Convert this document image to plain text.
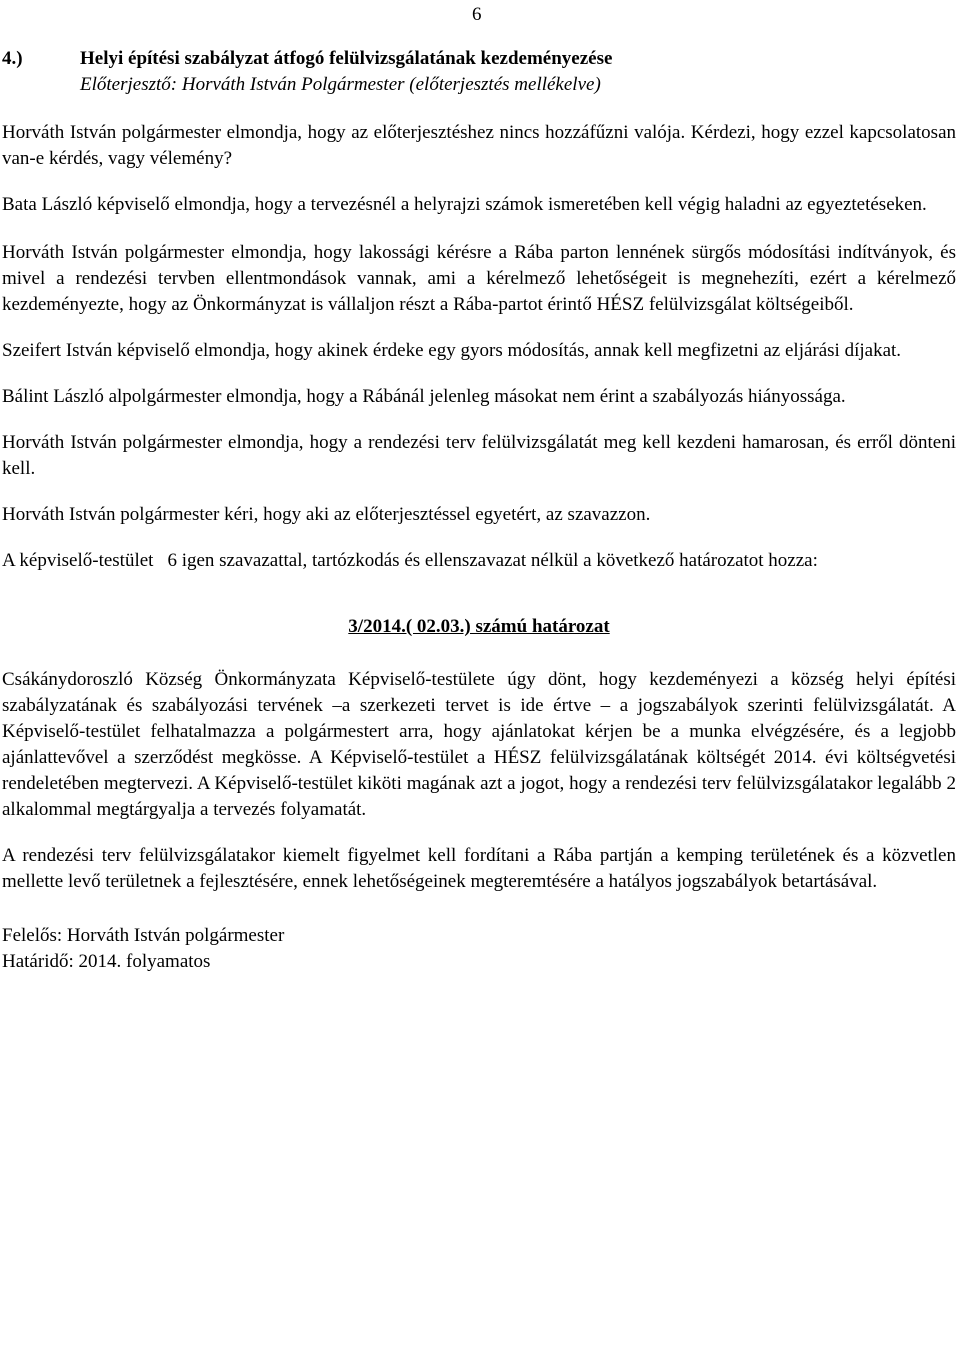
6
4.)	Helyi építési szabályzat átfogó felülvizsgálatának kezdeményezése
Előterjesztő: Horváth István Polgármester (előterjesztés mellékelve)

Horváth István polgármester elmondja, hogy az előterjesztéshez nincs hozzáfűzni valója. Kérdezi, hogy ezzel kapcsolatosan van-e kérdés, vagy vélemény?

Bata László képviselő elmondja, hogy a tervezésnél a helyrajzi számok ismeretében kell végig haladni az egyeztetéseken.

Horváth István polgármester elmondja, hogy lakossági kérésre a Rába parton lennének sürgős módosítási indítványok, és mivel a rendezési tervben ellentmondások vannak, ami a kérelmező lehetőségeit is megnehezíti, ezért a kérelmező kezdeményezte, hogy az Önkormányzat is vállaljon részt a Rába-partot érintő HÉSZ felülvizsgálat költségeiből.

Szeifert István képviselő elmondja, hogy akinek érdeke egy gyors módosítás, annak kell megfizetni az eljárási díjakat.

Bálint László alpolgármester elmondja, hogy a Rábánál jelenleg másokat nem érint a szabályozás hiányossága.

Horváth István polgármester elmondja, hogy a rendezési terv felülvizsgálatát meg kell kezdeni hamarosan, és erről dönteni kell.

Horváth István polgármester kéri, hogy aki az előterjesztéssel egyetért, az szavazzon.

A képviselő-testület 6 igen szavazattal, tartózkodás és ellenszavazat nélkül a következő határozatot hozza:

3/2014.( 02.03.) számú határozat

Csákánydoroszló Község Önkormányzata Képviselő-testülete úgy dönt, hogy kezdeményezi a község helyi építési szabályzatának és szabályozási tervének –a szerkezeti tervet is ide értve – a jogszabályok szerinti felülvizsgálatát. A Képviselő-testület felhatalmazza a polgármestert arra, hogy ajánlatokat kérjen be a munka elvégzésére, és a legjobb ajánlattevővel a szerződést megkösse. A Képviselő-testület a HÉSZ felülvizsgálatának költségét 2014. évi költségvetési rendeletében megtervezi. A Képviselő-testület kiköti magának azt a jogot, hogy a rendezési terv felülvizsgálatakor legalább 2 alkalommal megtárgyalja a tervezés folyamatát.

A rendezési terv felülvizsgálatakor kiemelt figyelmet kell fordítani a Rába partján a kemping területének és a közvetlen mellette levő területnek a fejlesztésére, ennek lehetőségeinek megteremtésére a hatályos jogszabályok betartásával.

Felelős: Horváth István polgármester
Határidő: 2014. folyamatos
